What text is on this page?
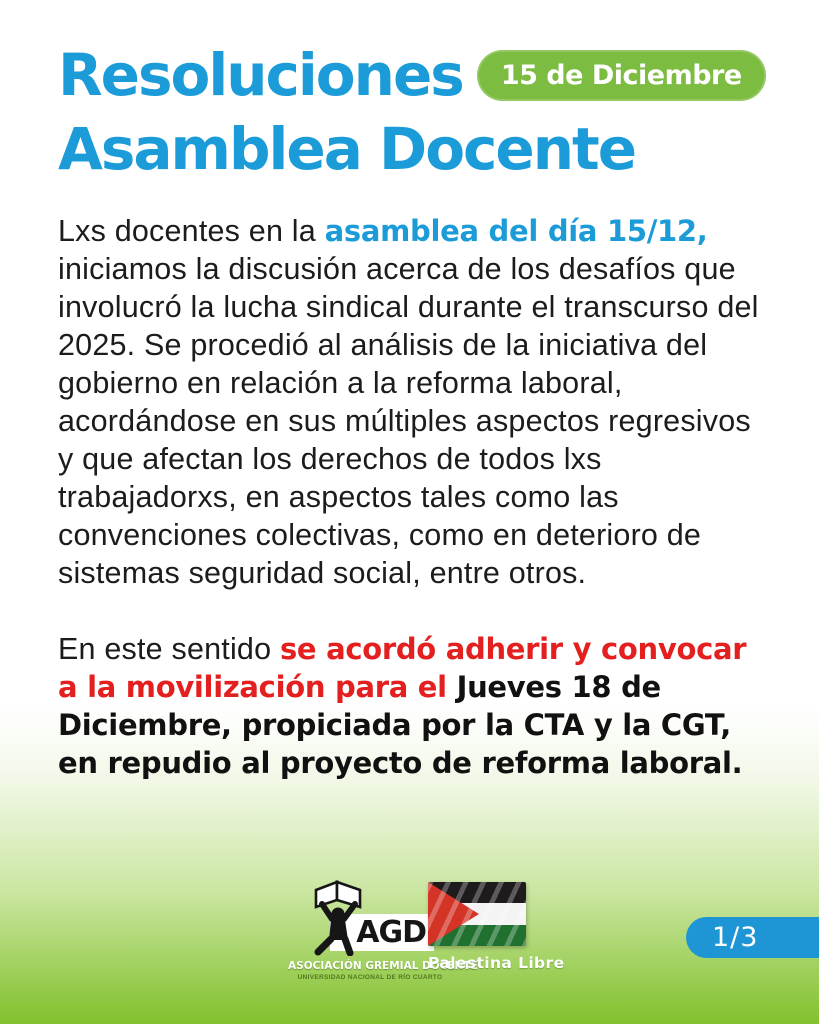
Resoluciones	15 de Diciembre
Asamblea Docente

Lxs docentes en la asamblea del día 15/12, iniciamos la discusión acerca de los desafíos que involucró la lucha sindical durante el transcurso del 2025. Se procedió al análisis de la iniciativa del gobierno en relación a la reforma laboral, acordándose en sus múltiples aspectos regresivos y que afectan los derechos de todos lxs trabajadorxs, en aspectos tales como las convenciones colectivas, como en deterioro de sistemas seguridad social, entre otros.

En este sentido se acordó adherir y convocar a la movilización para el Jueves 18 de Diciembre, propiciada por la CTA y la CGT, en repudio al proyecto de reforma laboral.

AGD
ASOCIACIÓN GREMIAL DOCENTE
UNIVERSIDAD NACIONAL DE RÍO CUARTO
Palestina Libre
1/3
